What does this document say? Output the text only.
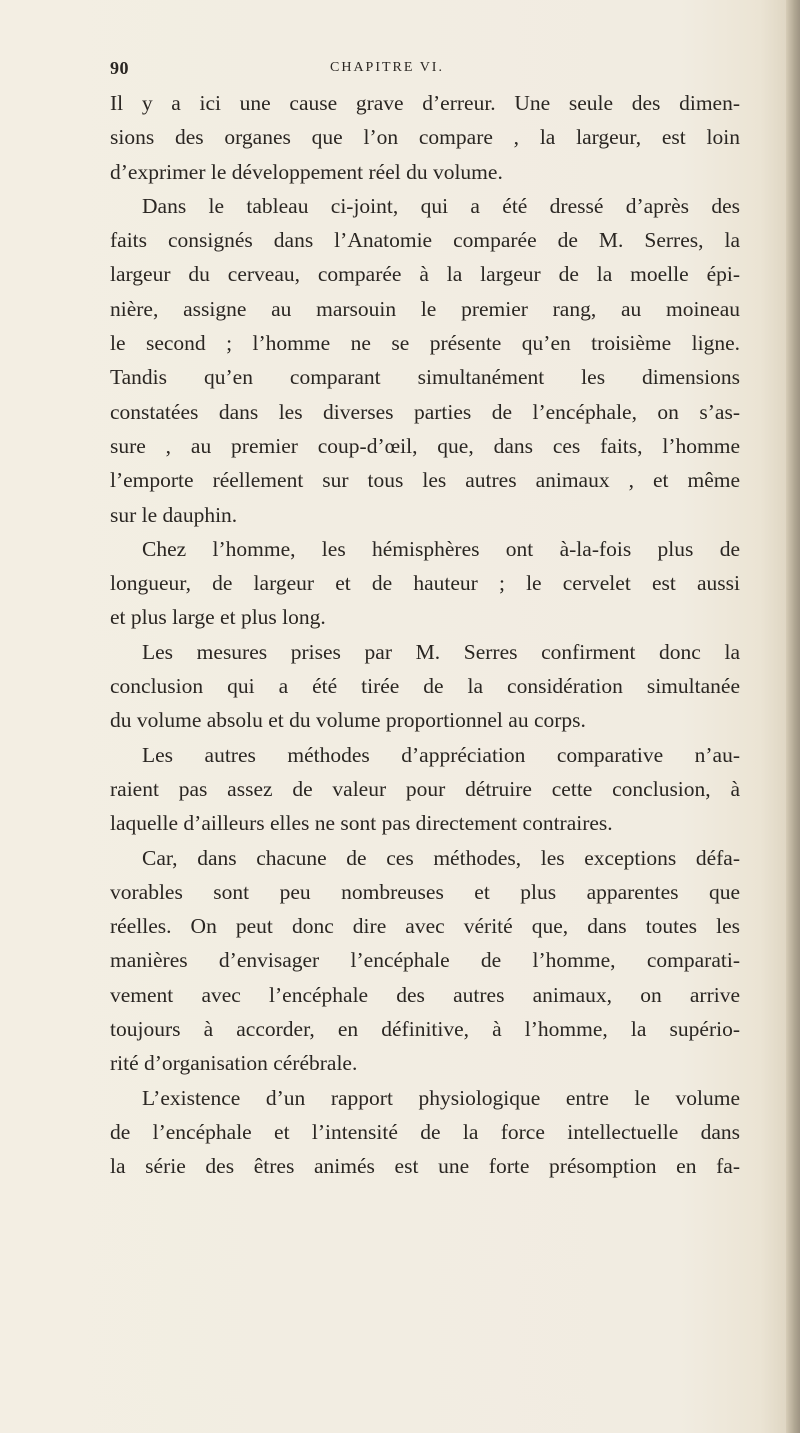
90	CHAPITRE VI.
Il y a ici une cause grave d’erreur. Une seule des dimen-
sions des organes que l’on compare , la largeur, est loin
d’exprimer le développement réel du volume.
Dans le tableau ci-joint, qui a été dressé d’après des
faits consignés dans l’Anatomie comparée de M. Serres, la
largeur du cerveau, comparée à la largeur de la moelle épi-
nière, assigne au marsouin le premier rang, au moineau
le second ; l’homme ne se présente qu’en troisième ligne.
Tandis qu’en comparant simultanément les dimensions
constatées dans les diverses parties de l’encéphale, on s’as-
sure , au premier coup-d’œil, que, dans ces faits, l’homme
l’emporte réellement sur tous les autres animaux , et même
sur le dauphin.
Chez l’homme, les hémisphères ont à-la-fois plus de
longueur, de largeur et de hauteur ; le cervelet est aussi
et plus large et plus long.
Les mesures prises par M. Serres confirment donc la
conclusion qui a été tirée de la considération simultanée
du volume absolu et du volume proportionnel au corps.
Les autres méthodes d’appréciation comparative n’au-
raient pas assez de valeur pour détruire cette conclusion, à
laquelle d’ailleurs elles ne sont pas directement contraires.
Car, dans chacune de ces méthodes, les exceptions défa-
vorables sont peu nombreuses et plus apparentes que
réelles. On peut donc dire avec vérité que, dans toutes les
manières d’envisager l’encéphale de l’homme, comparati-
vement avec l’encéphale des autres animaux, on arrive
toujours à accorder, en définitive, à l’homme, la supério-
rité d’organisation cérébrale.
L’existence d’un rapport physiologique entre le volume
de l’encéphale et l’intensité de la force intellectuelle dans
la série des êtres animés est une forte présomption en fa-
